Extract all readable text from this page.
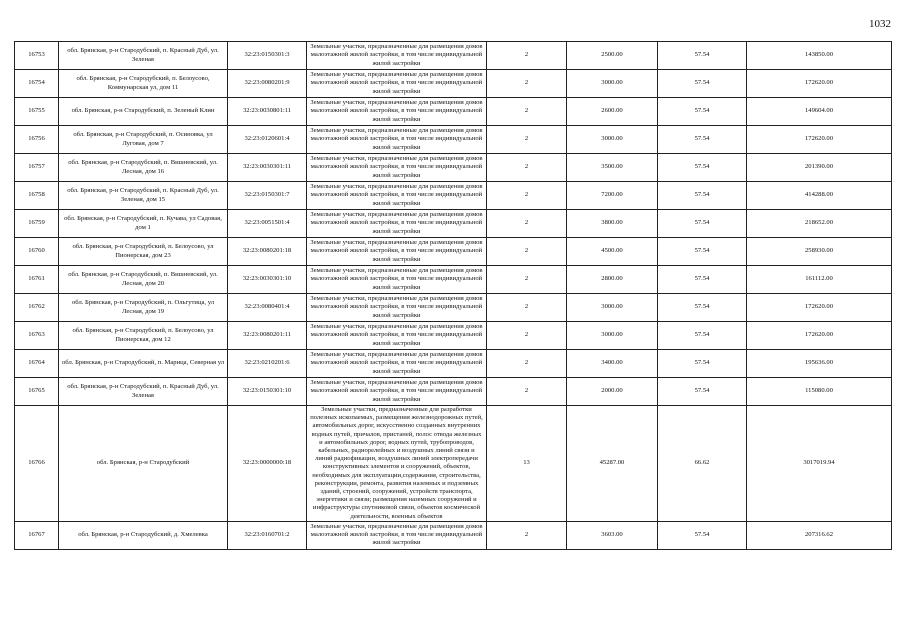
1032
16753	обл. Брянская, р-н Стародубский, п. Красный Дуб, ул. Зеленая	32:23:0150301:3	Земельные участки, предназначенные для размещения домов малоэтажной жилой застройки, в том числе индивидуальной жилой застройки	2	2500.00	57.54	143850.00
16754	обл. Брянская, р-н Стародубский, п. Белоусово, Коммунарская ул, дом 11	32:23:0080201:9	Земельные участки, предназначенные для размещения домов малоэтажной жилой застройки, в том числе индивидуальной жилой застройки	2	3000.00	57.54	172620.00
16755	обл. Брянская, р-н Стародубский, п. Зеленый Клин	32:23:0030801:11	Земельные участки, предназначенные для размещения домов малоэтажной жилой застройки, в том числе индивидуальной жилой застройки	2	2600.00	57.54	149604.00
16756	обл. Брянская, р-н Стародубский, п. Осиновка, ул Луговая, дом 7	32:23:0120601:4	Земельные участки, предназначенные для размещения домов малоэтажной жилой застройки, в том числе индивидуальной жилой застройки	2	3000.00	57.54	172620.00
16757	обл. Брянская, р-н Стародубский, п. Вишневский, ул. Лесная, дом 16	32:23:0030301:11	Земельные участки, предназначенные для размещения домов малоэтажной жилой застройки, в том числе индивидуальной жилой застройки	2	3500.00	57.54	201390.00
16758	обл. Брянская, р-н Стародубский, п. Красный Дуб, ул. Зеленая, дом 15	32:23:0150301:7	Земельные участки, предназначенные для размещения домов малоэтажной жилой застройки, в том числе индивидуальной жилой застройки	2	7200.00	57.54	414288.00
16759	обл. Брянская, р-н Стародубский, п. Кучава, ул Садовая, дом 1	32:23:0051501:4	Земельные участки, предназначенные для размещения домов малоэтажной жилой застройки, в том числе индивидуальной жилой застройки	2	3800.00	57.54	218652.00
16760	обл. Брянская, р-н Стародубский, п. Белоусово, ул Пионерская, дом 23	32:23:0080201:18	Земельные участки, предназначенные для размещения домов малоэтажной жилой застройки, в том числе индивидуальной жилой застройки	2	4500.00	57.54	258930.00
16761	обл. Брянская, р-н Стародубский, п. Вишневский, ул. Лесная, дом 20	32:23:0030301:10	Земельные участки, предназначенные для размещения домов малоэтажной жилой застройки, в том числе индивидуальной жилой застройки	2	2800.00	57.54	161112.00
16762	обл. Брянская, р-н Стародубский, п. Ольгутица, ул Лесная, дом 19	32:23:0080401:4	Земельные участки, предназначенные для размещения домов малоэтажной жилой застройки, в том числе индивидуальной жилой застройки	2	3000.00	57.54	172620.00
16763	обл. Брянская, р-н Стародубский, п. Белоусово, ул Пионерская, дом 12	32:23:0080201:11	Земельные участки, предназначенные для размещения домов малоэтажной жилой застройки, в том числе индивидуальной жилой застройки	2	3000.00	57.54	172620.00
16764	обл. Брянская, р-н Стародубский, п. Марица, Северная ул	32:23:0210201:6	Земельные участки, предназначенные для размещения домов малоэтажной жилой застройки, в том числе индивидуальной жилой застройки	2	3400.00	57.54	195636.00
16765	обл. Брянская, р-н Стародубский, п. Красный Дуб, ул. Зеленая	32:23:0150301:10	Земельные участки, предназначенные для размещения домов малоэтажной жилой застройки, в том числе индивидуальной жилой застройки	2	2000.00	57.54	115080.00
16766	обл. Брянская, р-н Стародубский	32:23:0000000:18	Земельные участки, предназначенные для разработки полезных ископаемых, размещения железнодорожных путей, автомобильных дорог, искусственно созданных внутренних водных путей, причалов, пристаней, полос отвода железных и автомобильных дорог, водных путей, трубопроводов, кабельных, радиорелейных и воздушных линий связи и линий радиофикации, воздушных линий электропередачи конструктивных элементов и сооружений, объектов, необходимых для эксплуатации,содержания, строительства, реконструкции, ремонта, развития наземных и подземных зданий, строений, сооружений, устройств транспорта, энергетики и связи; размещения наземных сооружений и инфраструктуры спутниковой связи, объектов космической деятельности, военных объектов	13	45287.00	66.62	3017019.94
16767	обл. Брянская, р-н Стародубский, д. Хмелевка	32:23:0160701:2	Земельные участки, предназначенные для размещения домов малоэтажной жилой застройки, в том числе индивидуальной жилой застройки	2	3603.00	57.54	207316.62
